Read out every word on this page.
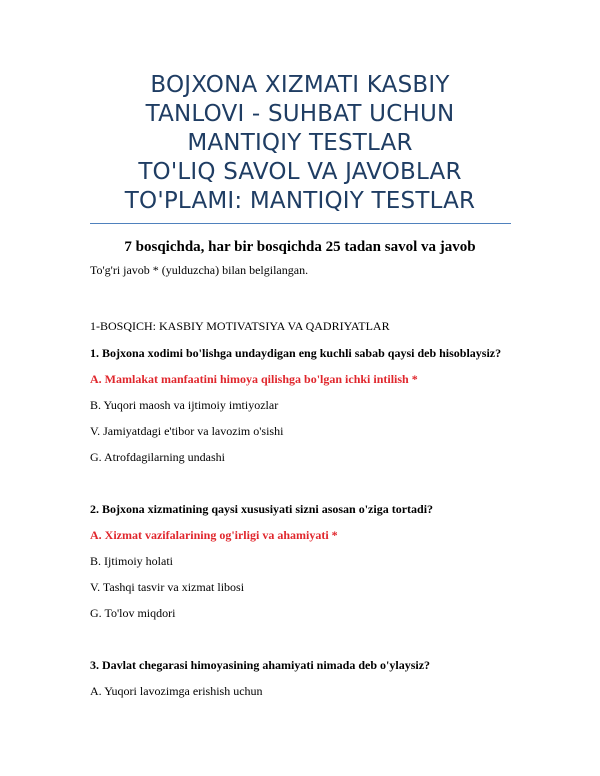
BOJXONA XIZMATI KASBIY
TANLOVI - SUHBAT UCHUN
MANTIQIY TESTLAR
TO'LIQ SAVOL VA JAVOBLAR
TO'PLAMI: MANTIQIY TESTLAR
7 bosqichda, har bir bosqichda 25 tadan savol va javob
To'g'ri javob * (yulduzcha) bilan belgilangan.
1-BOSQICH: KASBIY MOTIVATSIYA VA QADRIYATLAR
1. Bojxona xodimi bo'lishga undaydigan eng kuchli sabab qaysi deb hisoblaysiz?
A. Mamlakat manfaatini himoya qilishga bo'lgan ichki intilish *
B. Yuqori maosh va ijtimoiy imtiyozlar
V. Jamiyatdagi e'tibor va lavozim o'sishi
G. Atrofdagilarning undashi
2. Bojxona xizmatining qaysi xususiyati sizni asosan o'ziga tortadi?
A. Xizmat vazifalarining og'irligi va ahamiyati *
B. Ijtimoiy holati
V. Tashqi tasvir va xizmat libosi
G. To'lov miqdori
3. Davlat chegarasi himoyasining ahamiyati nimada deb o'ylaysiz?
A. Yuqori lavozimga erishish uchun
